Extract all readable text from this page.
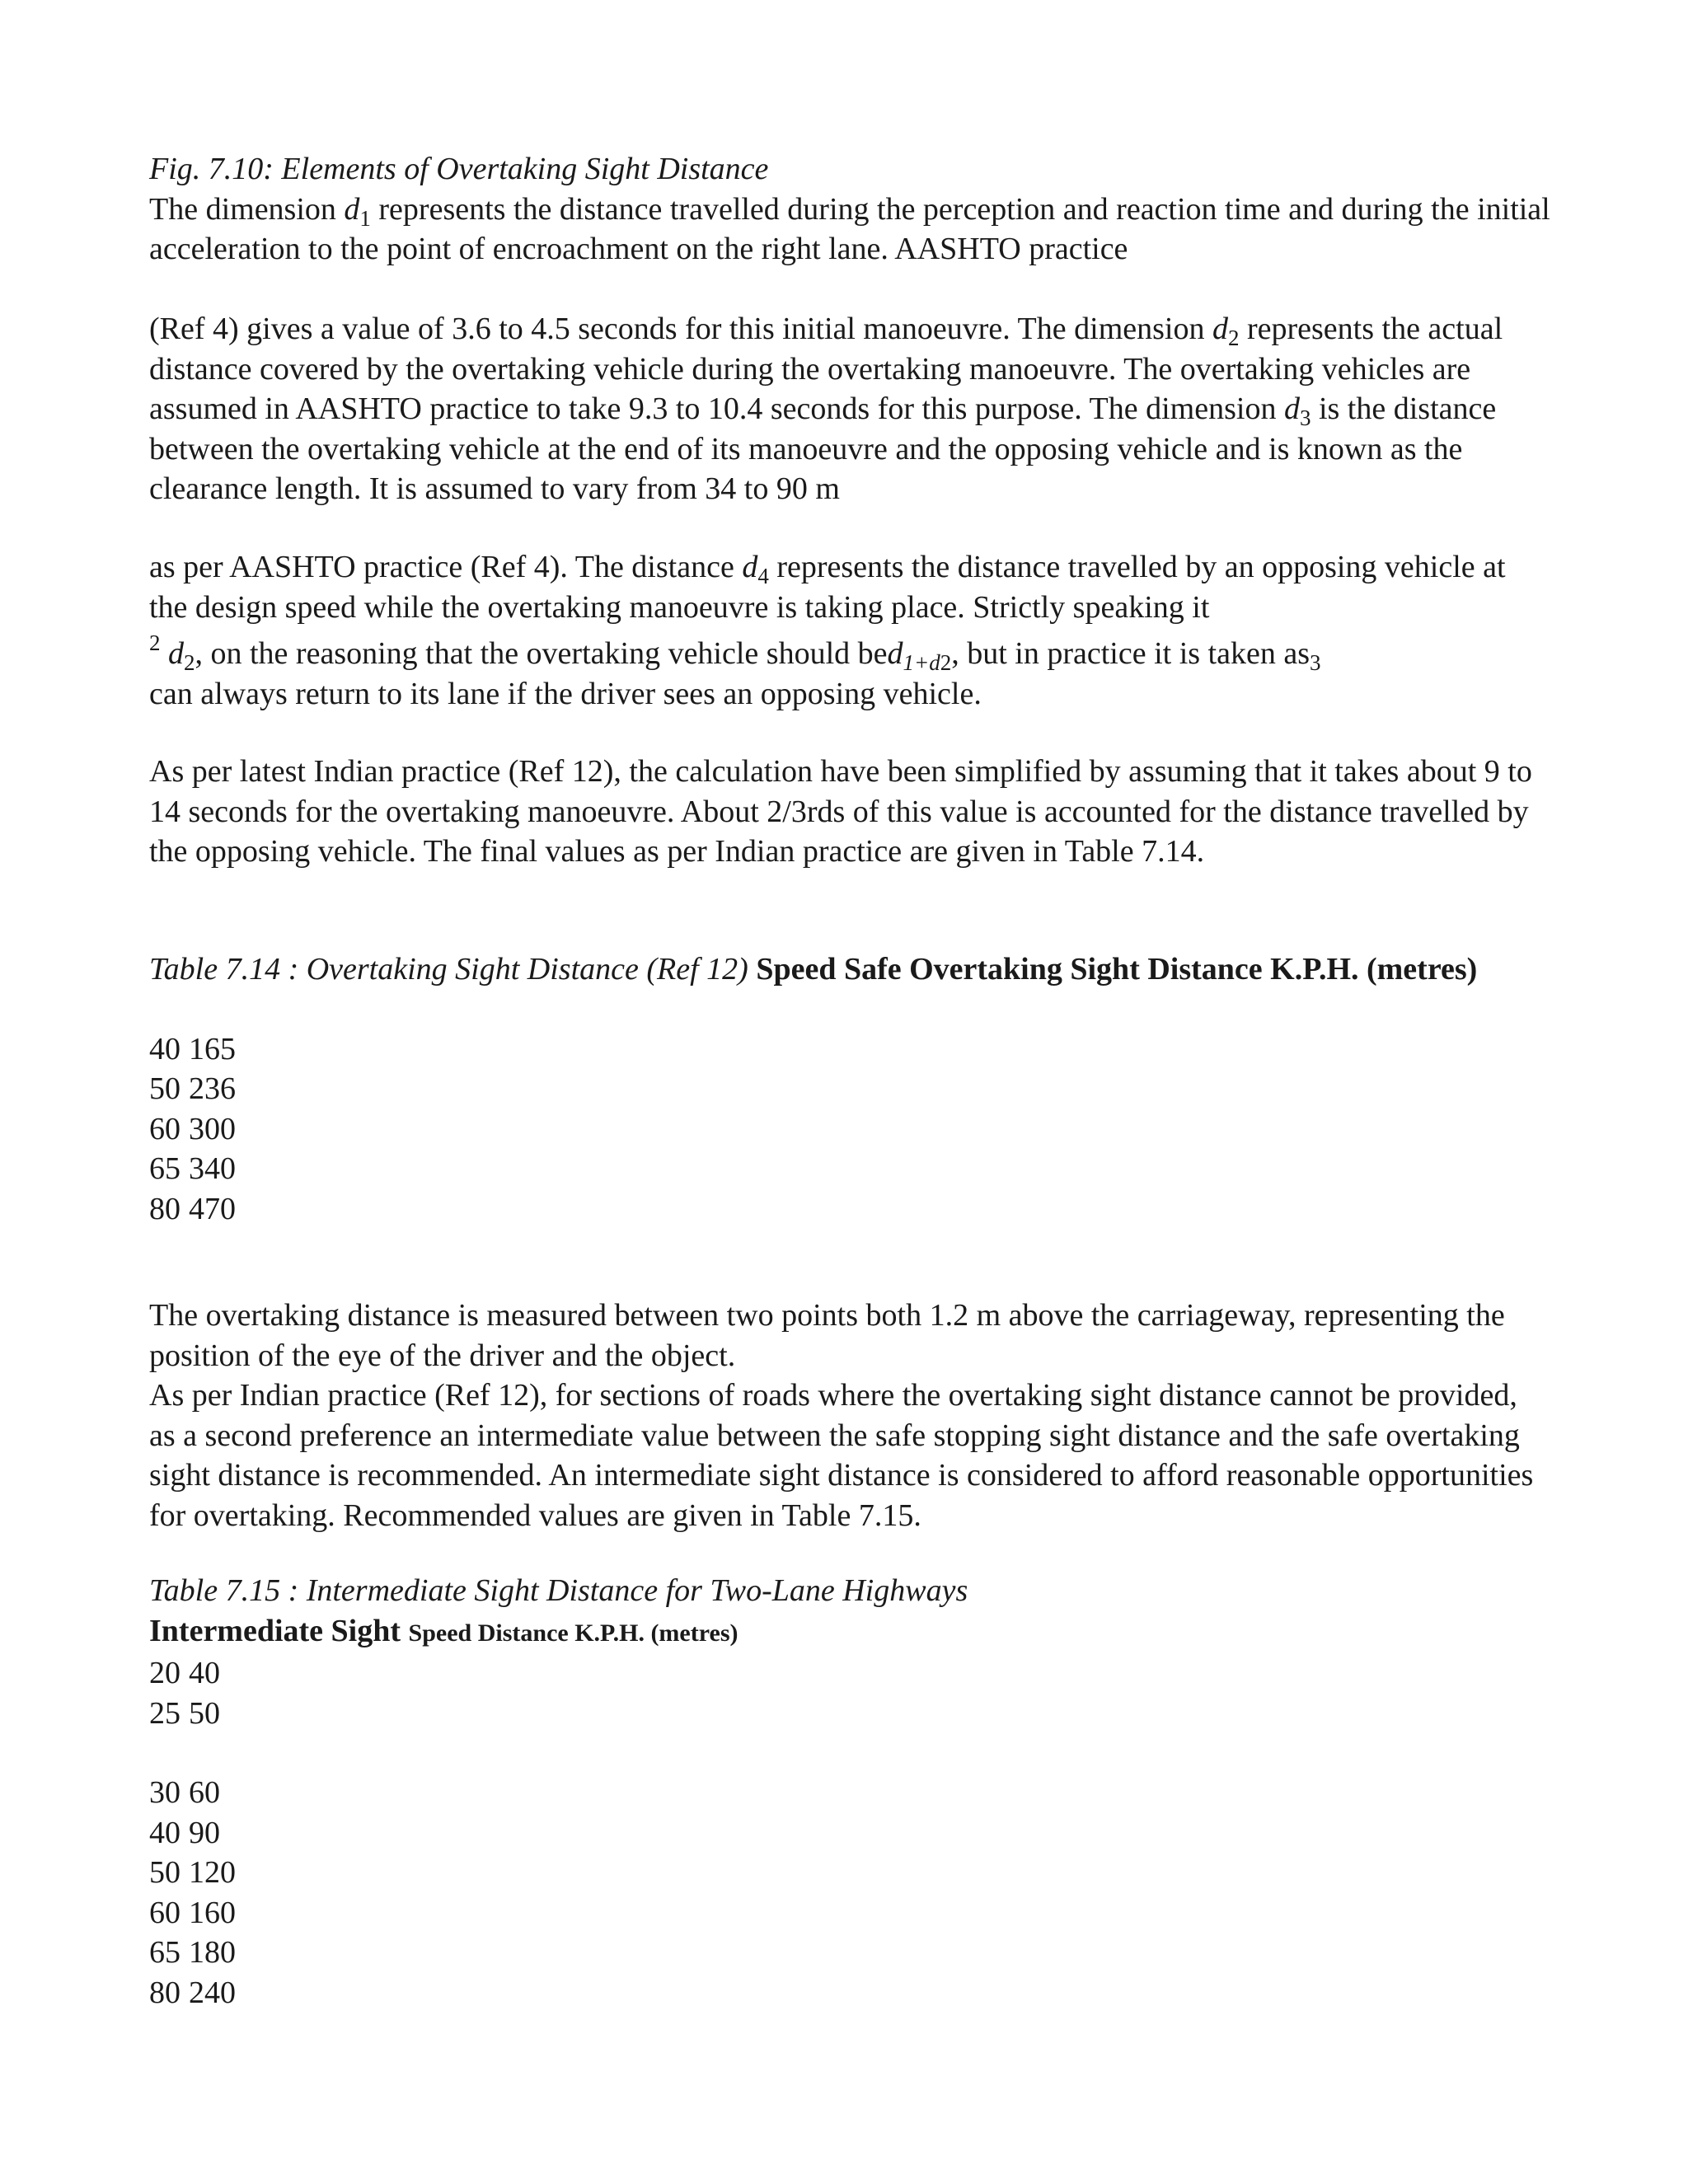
Fig. 7.10: Elements of Overtaking Sight Distance
The dimension $d_1$ represents the distance travelled during the perception and reaction time and during the initial acceleration to the point of encroachment on the right lane. AASHTO practice
(Ref 4) gives a value of 3.6 to 4.5 seconds for this initial manoeuvre. The dimension $d_2$ represents the actual distance covered by the overtaking vehicle during the overtaking manoeuvre. The overtaking vehicles are assumed in AASHTO practice to take 9.3 to 10.4 seconds for this purpose. The dimension $d_3$ is the distance between the overtaking vehicle at the end of its manoeuvre and the opposing vehicle and is known as the clearance length. It is assumed to vary from 34 to 90 m
as per AASHTO practice (Ref 4). The distance $d_4$ represents the distance travelled by an opposing vehicle at the design speed while the overtaking manoeuvre is taking place. Strictly speaking it
$^2$ $d_2$, on the reasoning that the overtaking vehicle should bed$_{1+d2}$, but in practice it is taken $as_3$
can always return to its lane if the driver sees an opposing vehicle.
As per latest Indian practice (Ref 12), the calculation have been simplified by assuming that it takes about 9 to 14 seconds for the overtaking manoeuvre. About 2/3rds of this value is accounted for the distance travelled by the opposing vehicle. The final values as per Indian practice are given in Table 7.14.
Table 7.14 : Overtaking Sight Distance (Ref 12) Speed Safe Overtaking Sight Distance K.P.H. (metres)
40 165
50 236
60 300
65 340
80 470
The overtaking distance is measured between two points both 1.2 m above the carriageway, representing the position of the eye of the driver and the object.
As per Indian practice (Ref 12), for sections of roads where the overtaking sight distance cannot be provided, as a second preference an intermediate value between the safe stopping sight distance and the safe overtaking sight distance is recommended. An intermediate sight distance is considered to afford reasonable opportunities for overtaking. Recommended values are given in Table 7.15.
Table 7.15 : Intermediate Sight Distance for Two-Lane Highways
Intermediate Sight Speed Distance K.P.H. (metres)
20 40
25 50
30 60
40 90
50 120
60 160
65 180
80 240
